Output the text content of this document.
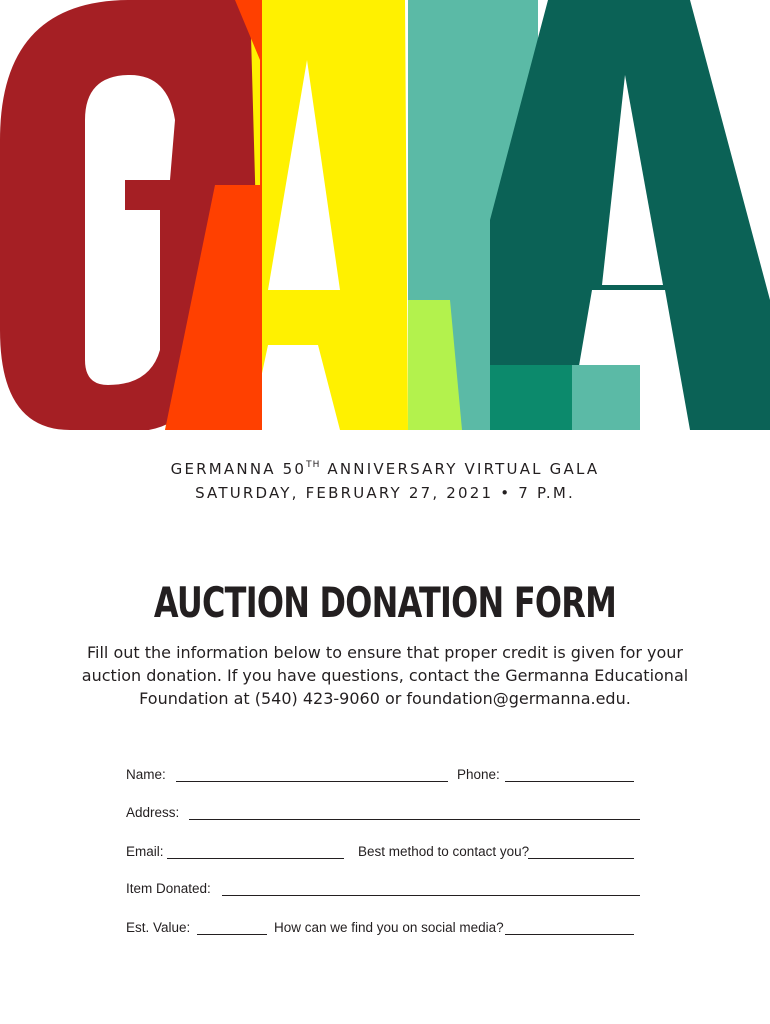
GERMANNA 50TH ANNIVERSARY VIRTUAL GALA
SATURDAY, FEBRUARY 27, 2021 • 7 P.M.
AUCTION DONATION FORM
Fill out the information below to ensure that proper credit is given for your
auction donation. If you have questions, contact the Germanna Educational
Foundation at (540) 423-9060 or foundation@germanna.edu.
Name:	Phone:
Address:
Email:	Best method to contact you?
Item Donated:
Est. Value:	How can we find you on social media?
